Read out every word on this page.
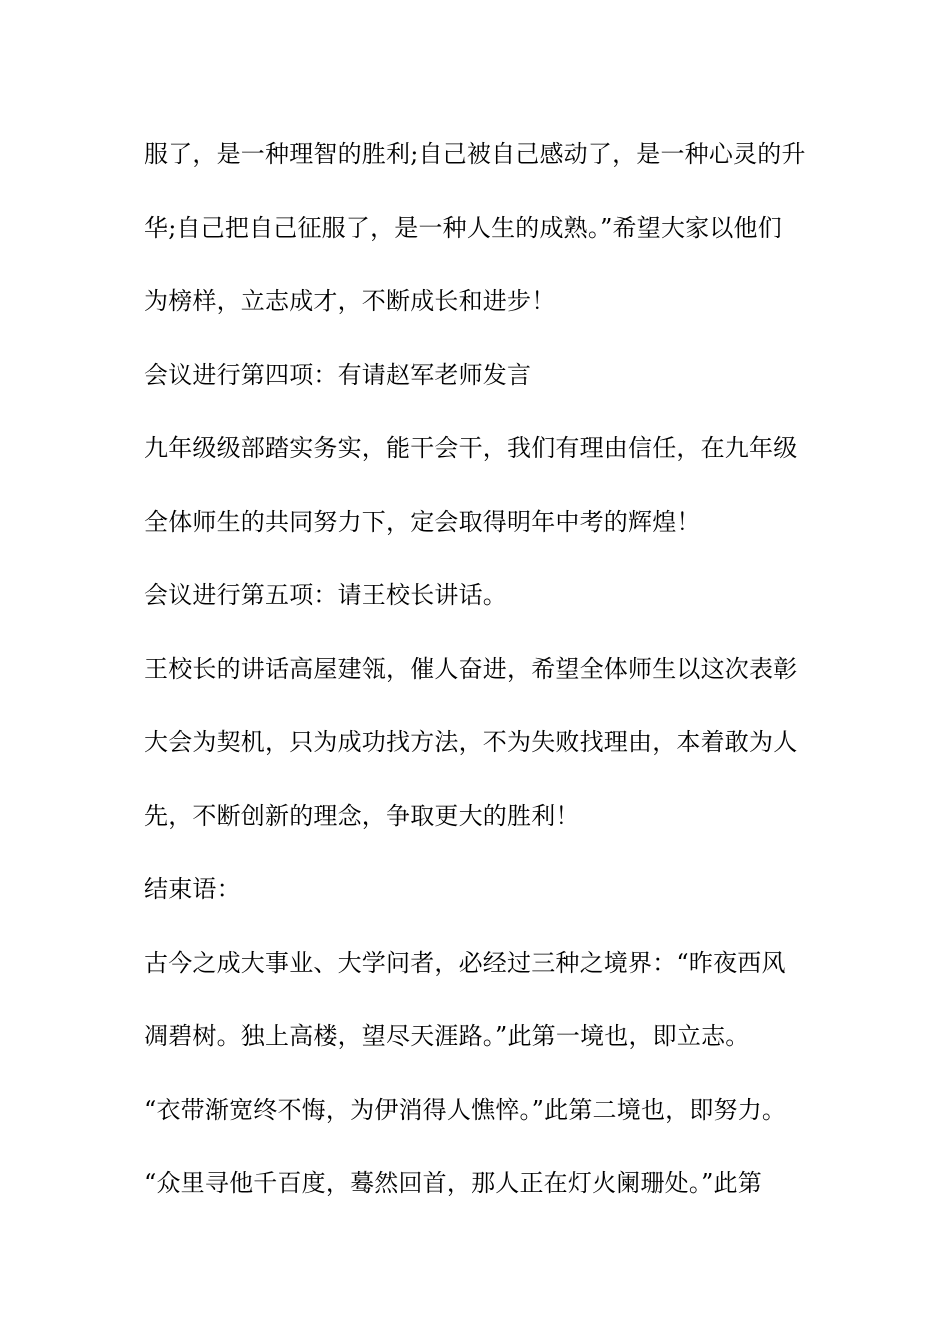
服了，是一种理智的胜利;自己被自己感动了，是一种心灵的升
华;自己把自己征服了，是一种人生的成熟。”希望大家以他们
为榜样，立志成才，不断成长和进步！
会议进行第四项：有请赵军老师发言
九年级级部踏实务实，能干会干，我们有理由信任，在九年级
全体师生的共同努力下，定会取得明年中考的辉煌！
会议进行第五项：请王校长讲话。
王校长的讲话高屋建瓴，催人奋进，希望全体师生以这次表彰
大会为契机，只为成功找方法，不为失败找理由，本着敢为人
先，不断创新的理念，争取更大的胜利！
结束语：
古今之成大事业、大学问者，必经过三种之境界：“昨夜西风
凋碧树。独上高楼，望尽天涯路。”此第一境也，即立志。
“衣带渐宽终不悔，为伊消得人憔悴。”此第二境也，即努力。
“众里寻他千百度，蓦然回首，那人正在灯火阑珊处。”此第
